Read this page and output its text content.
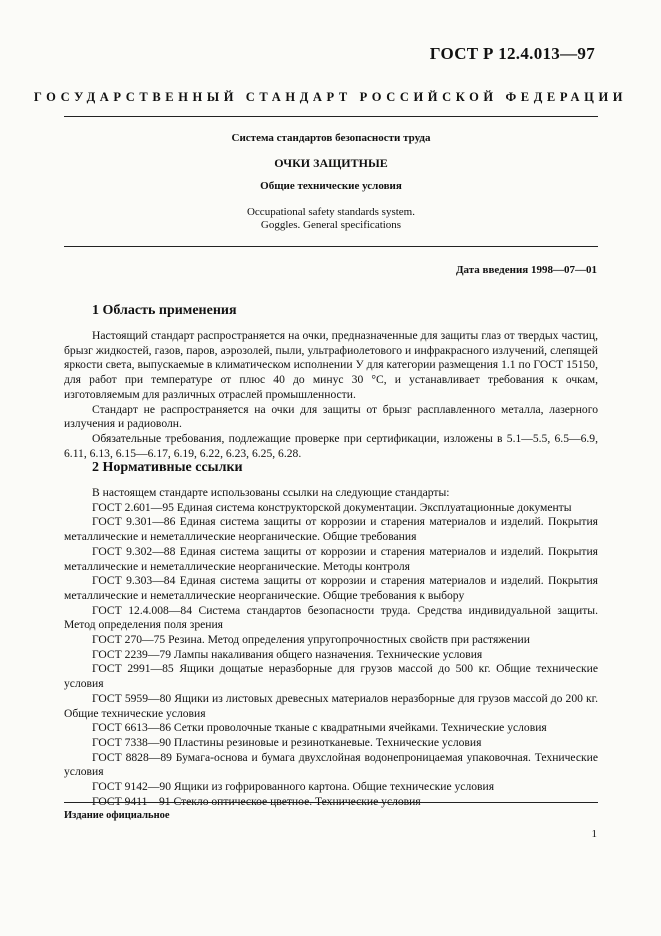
ГОСТ Р 12.4.013—97
ГОСУДАРСТВЕННЫЙ СТАНДАРТ РОССИЙСКОЙ ФЕДЕРАЦИИ
Система стандартов безопасности труда
ОЧКИ ЗАЩИТНЫЕ
Общие технические условия
Occupational safety standards system.
Goggles. General specifications
Дата введения 1998—07—01
1 Область применения

Настоящий стандарт распространяется на очки, предназначенные для защиты глаз от твердых частиц, брызг жидкостей, газов, паров, аэрозолей, пыли, ультрафиолетового и инфракрасного излучений, слепящей яркости света, выпускаемые в климатическом исполнении У для категории размещения 1.1 по ГОСТ 15150, для работ при температуре от плюс 40 до минус 30 °С, и устанавливает требования к очкам, изготовляемым для различных отраслей промышленности.

Стандарт не распространяется на очки для защиты от брызг расплавленного металла, лазерного излучения и радиоволн.

Обязательные требования, подлежащие проверке при сертификации, изложены в 5.1—5.5, 6.5—6.9, 6.11, 6.13, 6.15—6.17, 6.19, 6.22, 6.23, 6.25, 6.28.

2 Нормативные ссылки

В настоящем стандарте использованы ссылки на следующие стандарты:

ГОСТ 2.601—95 Единая система конструкторской документации. Эксплуатационные документы

ГОСТ 9.301—86 Единая система защиты от коррозии и старения материалов и изделий. Покрытия металлические и неметаллические неорганические. Общие требования

ГОСТ 9.302—88 Единая система защиты от коррозии и старения материалов и изделий. Покрытия металлические и неметаллические неорганические. Методы контроля

ГОСТ 9.303—84 Единая система защиты от коррозии и старения материалов и изделий. Покрытия металлические и неметаллические неорганические. Общие требования к выбору

ГОСТ 12.4.008—84 Система стандартов безопасности труда. Средства индивидуальной защиты. Метод определения поля зрения

ГОСТ 270—75 Резина. Метод определения упругопрочностных свойств при растяжении

ГОСТ 2239—79 Лампы накаливания общего назначения. Технические условия

ГОСТ 2991—85 Ящики дощатые неразборные для грузов массой до 500 кг. Общие технические условия

ГОСТ 5959—80 Ящики из листовых древесных материалов неразборные для грузов массой до 200 кг. Общие технические условия

ГОСТ 6613—86 Сетки проволочные тканые с квадратными ячейками. Технические условия

ГОСТ 7338—90 Пластины резиновые и резинотканевые. Технические условия

ГОСТ 8828—89 Бумага-основа и бумага двухслойная водонепроницаемая упаковочная. Технические условия

ГОСТ 9142—90 Ящики из гофрированного картона. Общие технические условия

ГОСТ 9411—91 Стекло оптическое цветное. Технические условия

Издание официальное
1
